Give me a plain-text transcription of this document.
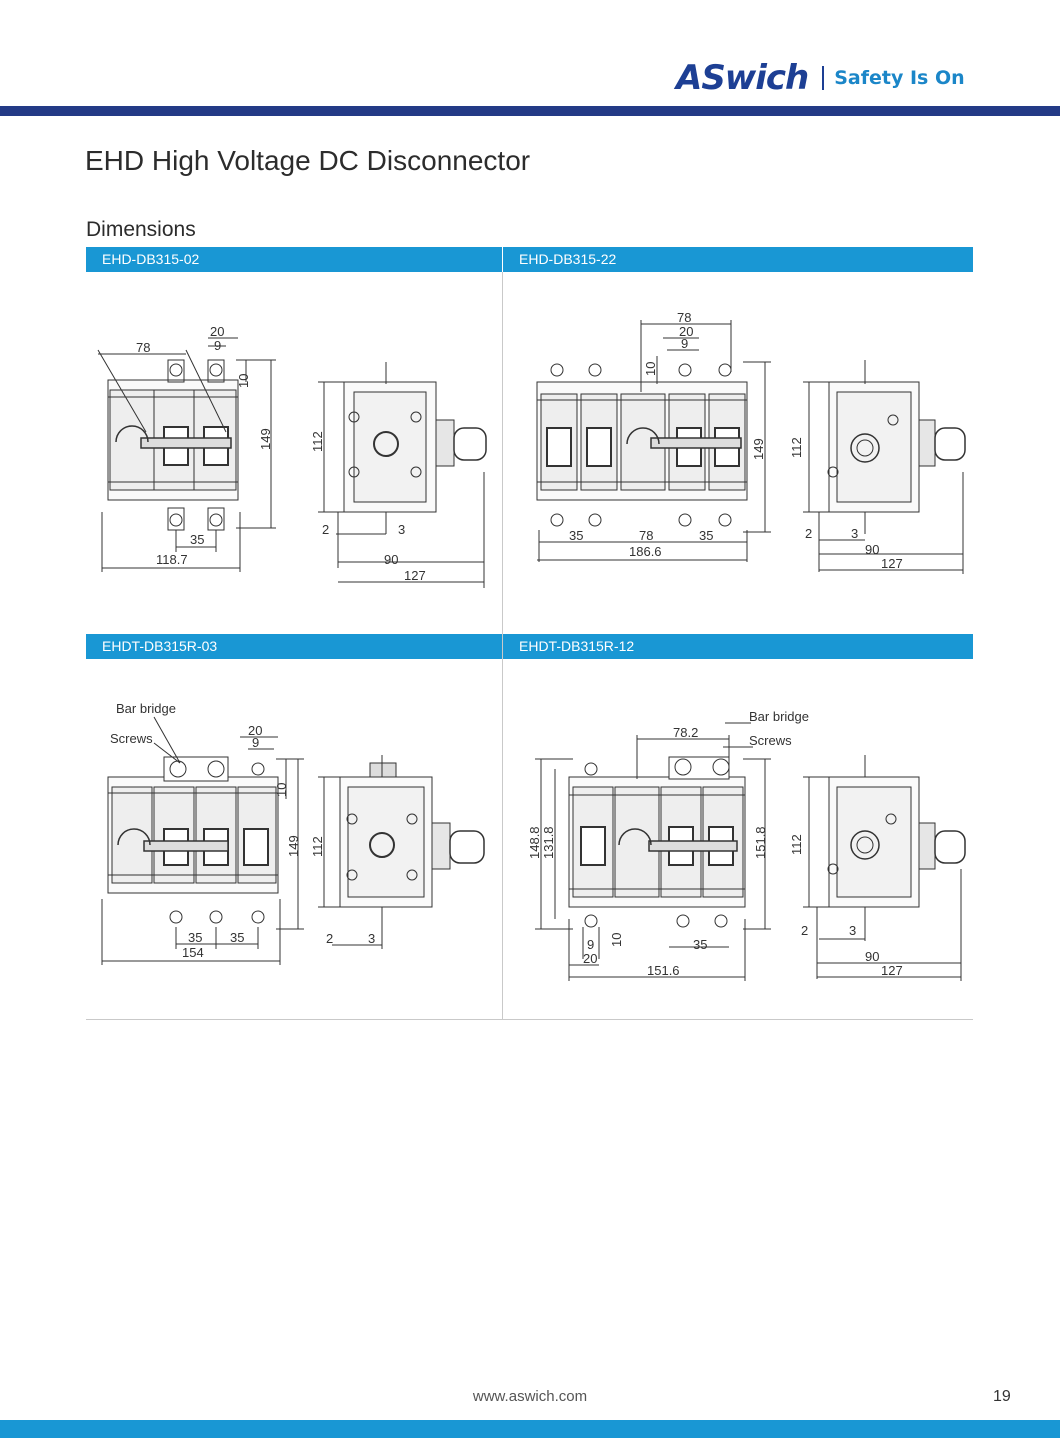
ASwich Safety Is On
EHD High Voltage DC Disconnector
Dimensions
EHD-DB315-02	EHD-DB315-22
EHDT-DB315R-03	EHDT-DB315R-12
78
20
9
10
149
35
118.7
112
2	3
90
127
78
20
9
10
149
35	78	35
186.6
112
2	3
90
127
Bar bridge
Screws
20
9
10
149
35 35
154
112
2	3
Bar bridge
Screws
78.2
148.8 131.8	151.8
9 10
20
35
151.6
112
2	3
90
127
www.aswich.com	19
